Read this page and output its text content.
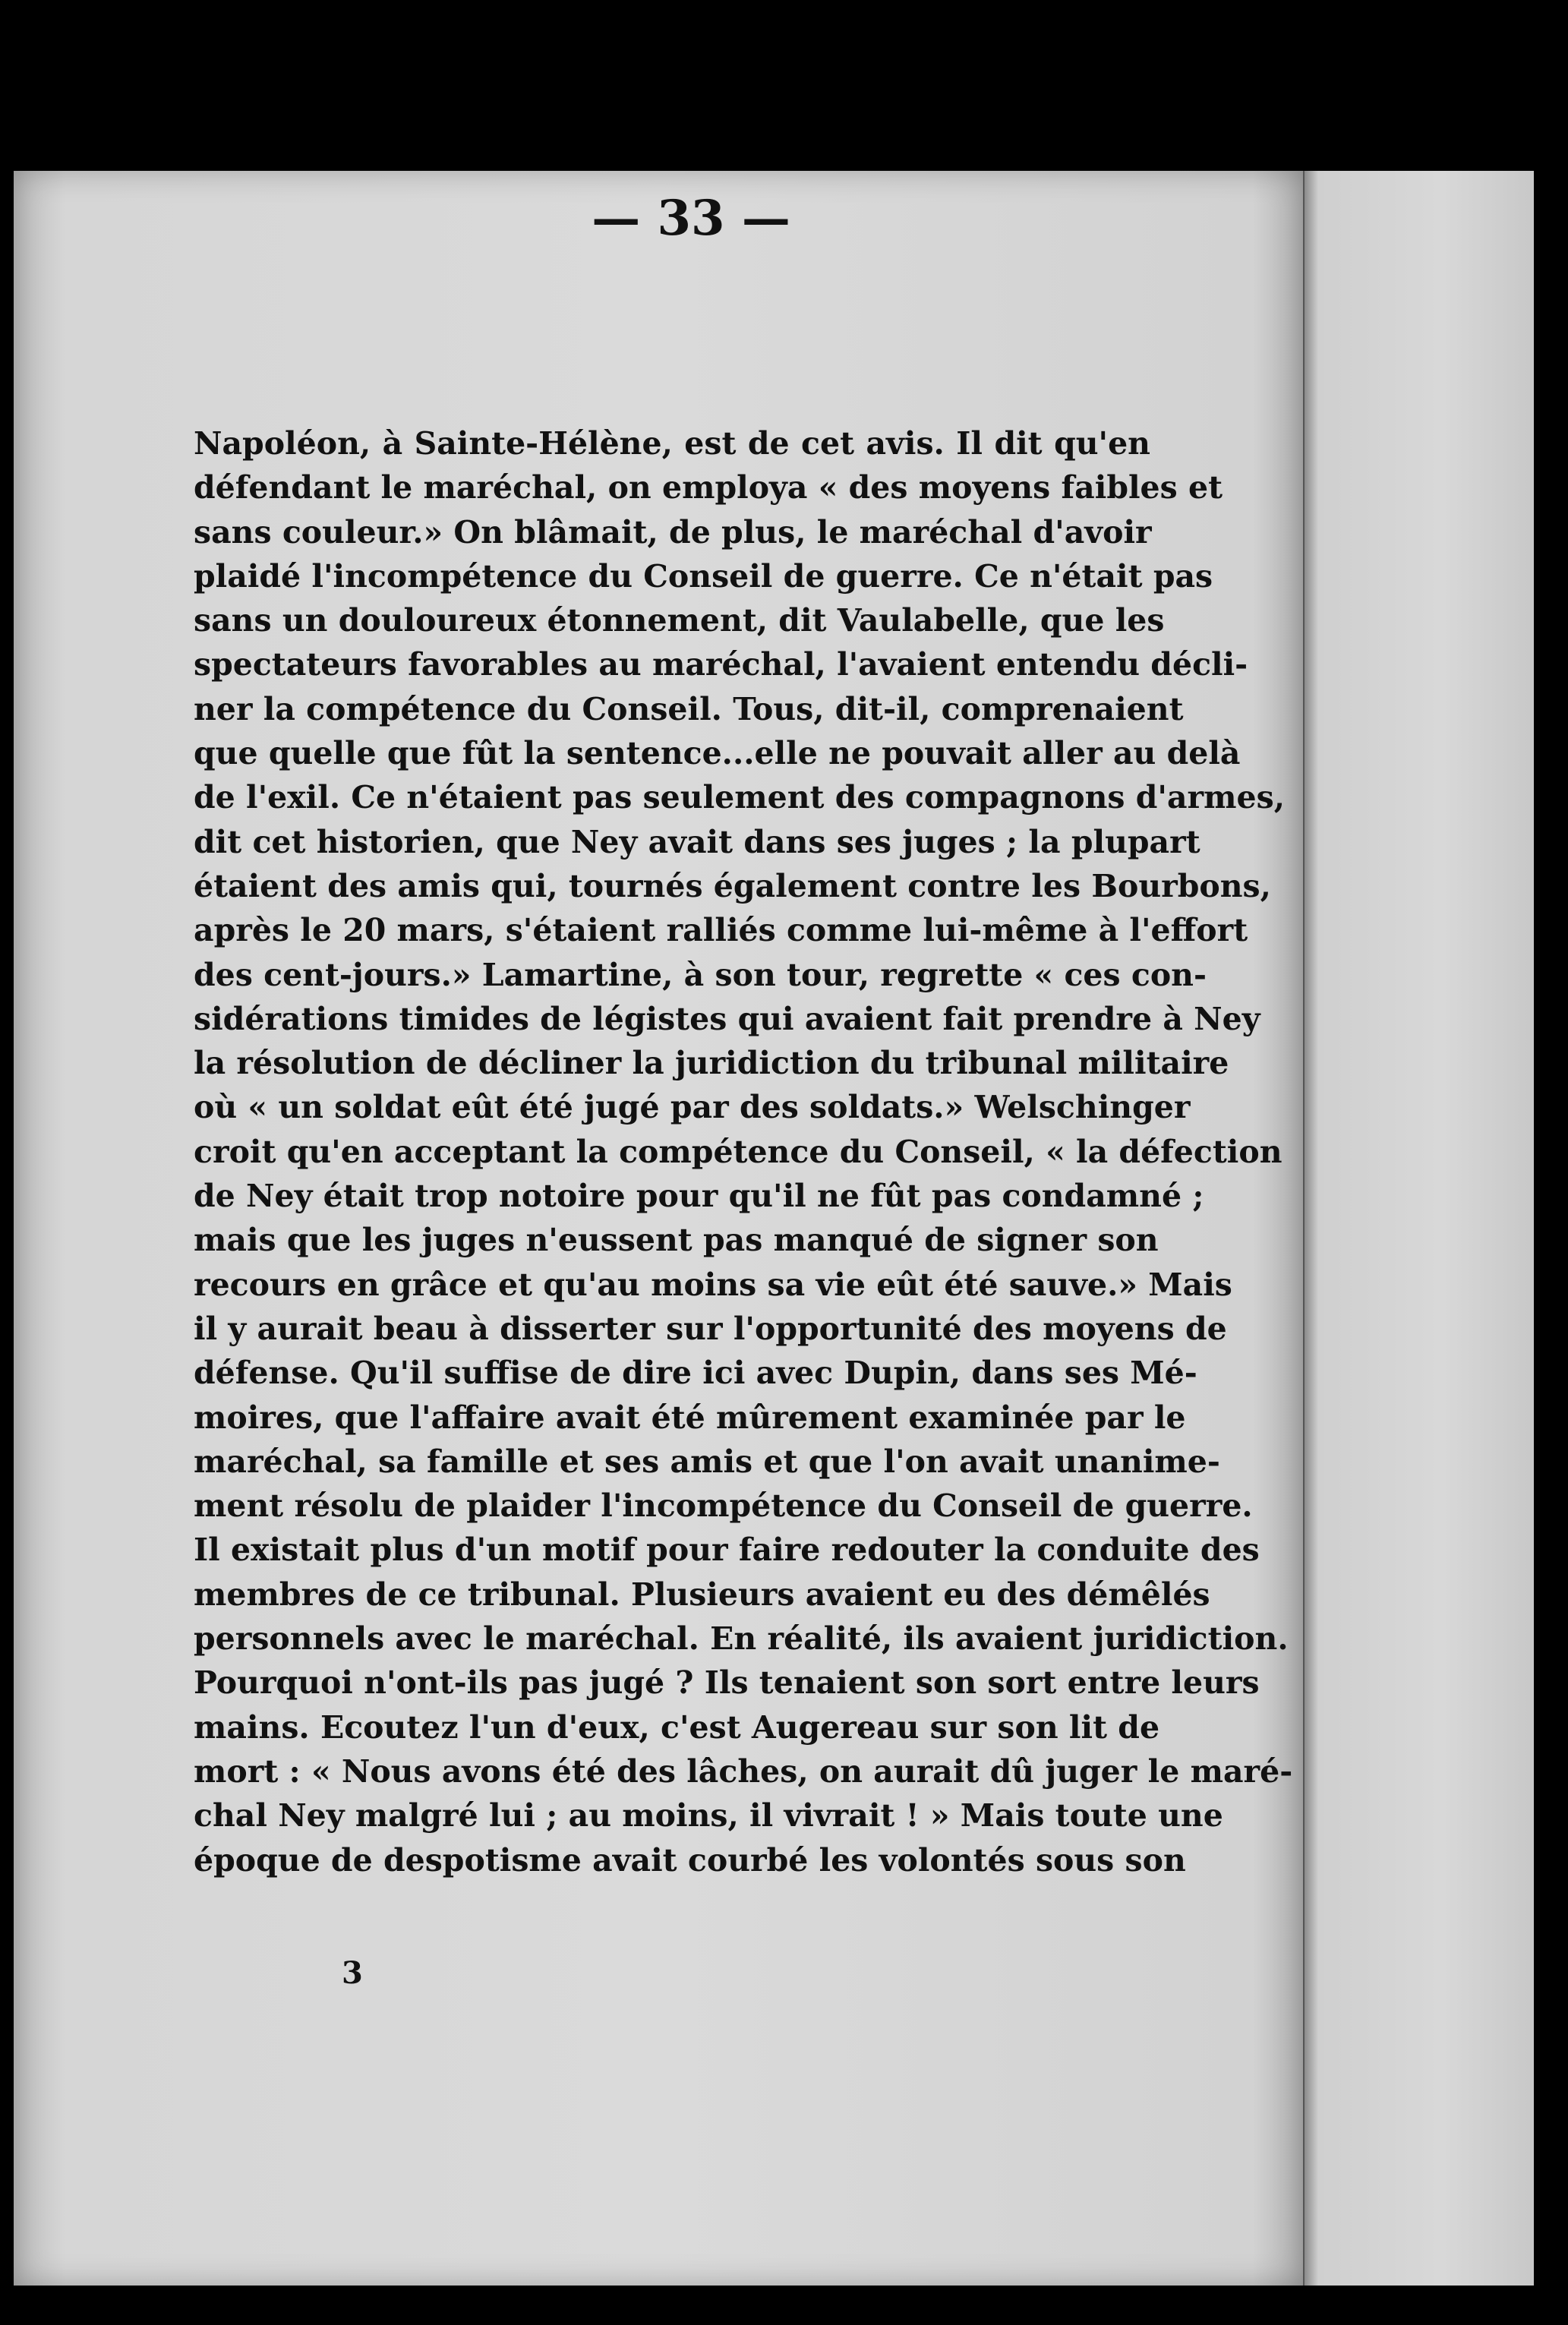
— 33 —
Napoléon, à Sainte-Hélène, est de cet avis. Il dit qu'en
défendant le maréchal, on employa « des moyens faibles et
sans couleur.» On blâmait, de plus, le maréchal d'avoir
plaidé l'incompétence du Conseil de guerre. Ce n'était pas
sans un douloureux étonnement, dit Vaulabelle, que les
spectateurs favorables au maréchal, l'avaient entendu décli-
ner la compétence du Conseil. Tous, dit-il, comprenaient
que quelle que fût la sentence...elle ne pouvait aller au delà
de l'exil. Ce n'étaient pas seulement des compagnons d'armes,
dit cet historien, que Ney avait dans ses juges ; la plupart
étaient des amis qui, tournés également contre les Bourbons,
après le 20 mars, s'étaient ralliés comme lui-même à l'effort
des cent-jours.» Lamartine, à son tour, regrette « ces con-
sidérations timides de légistes qui avaient fait prendre à Ney
la résolution de décliner la juridiction du tribunal militaire
où « un soldat eût été jugé par des soldats.» Welschinger
croit qu'en acceptant la compétence du Conseil, « la défection
de Ney était trop notoire pour qu'il ne fût pas condamné ;
mais que les juges n'eussent pas manqué de signer son
recours en grâce et qu'au moins sa vie eût été sauve.» Mais
il y aurait beau à disserter sur l'opportunité des moyens de
défense. Qu'il suffise de dire ici avec Dupin, dans ses Mé-
moires, que l'affaire avait été mûrement examinée par le
maréchal, sa famille et ses amis et que l'on avait unanime-
ment résolu de plaider l'incompétence du Conseil de guerre.
Il existait plus d'un motif pour faire redouter la conduite des
membres de ce tribunal. Plusieurs avaient eu des démêlés
personnels avec le maréchal. En réalité, ils avaient juridiction.
Pourquoi n'ont-ils pas jugé ? Ils tenaient son sort entre leurs
mains. Ecoutez l'un d'eux, c'est Augereau sur son lit de
mort : « Nous avons été des lâches, on aurait dû juger le maré-
chal Ney malgré lui ; au moins, il vivrait ! » Mais toute une
époque de despotisme avait courbé les volontés sous son
3
